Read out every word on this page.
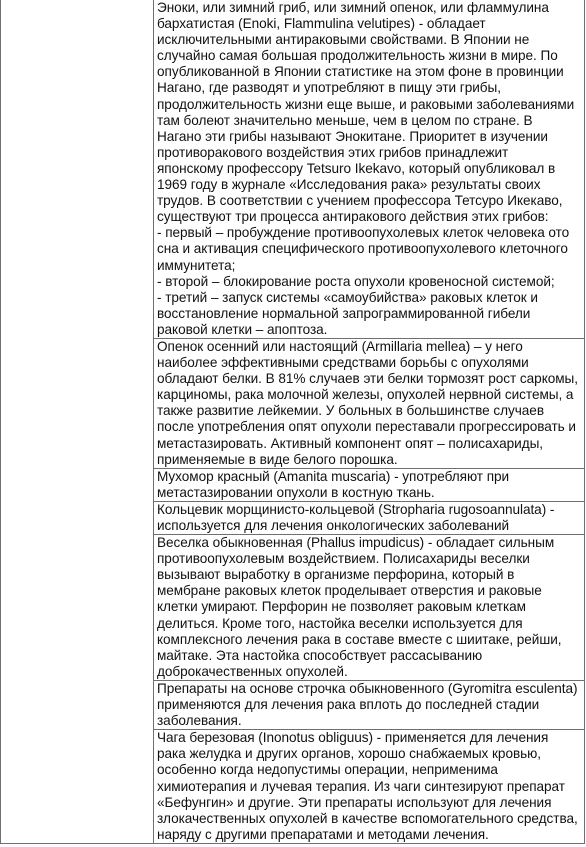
Эноки, или зимний гриб, или зимний опенок, или фламмулина бархатистая (Enoki, Flammulina velutipes) - обладает исключительными антираковыми свойствами. В Японии не случайно самая большая продолжительность жизни в мире. По опубликованной в Японии статистике на этом фоне в провинции Нагано, где разводят и употребляют в пищу эти грибы, продолжительность жизни еще выше, и раковыми заболеваниями там болеют значительно меньше, чем в целом по стране. В Нагано эти грибы называют Энокитане. Приоритет в изучении противоракового воздействия этих грибов принадлежит японскому профессору Tetsuro Ikekavo, который опубликовал в 1969 году в журнале «Исследования рака» результаты своих трудов. В соответствии с учением профессора Тетсуро Икекаво, существуют три процесса антиракового действия этих грибов:
- первый – пробуждение противоопухолевых клеток человека ото сна и активация специфического противоопухолевого клеточного иммунитета;
- второй – блокирование роста опухоли кровеносной системой;
- третий – запуск системы «самоубийства» раковых клеток и восстановление нормальной запрограммированной гибели раковой клетки – апоптоза.

Опенок осенний или настоящий (Armillaria mellea) – у него наиболее эффективными средствами борьбы с опухолями обладают белки. В 81% случаев эти белки тормозят рост саркомы, карциномы, рака молочной железы, опухолей нервной системы, а также развитие лейкемии. У больных в большинстве случаев после употребления опят опухоли переставали прогрессировать и метастазировать. Активный компонент опят – полисахариды, применяемые в виде белого порошка.

Мухомор красный (Amanita muscaria) - употребляют при метастазировании опухоли в костную ткань.

Кольцевик морщинисто-кольцевой (Stropharia rugosoannulata) - используется для лечения онкологических заболеваний

Веселка обыкновенная (Phallus impudicus) - обладает сильным противоопухолевым воздействием. Полисахариды веселки вызывают выработку в организме перфорина, который в мембране раковых клеток проделывает отверстия и раковые клетки умирают. Перфорин не позволяет раковым клеткам делиться. Кроме того, настойка веселки используется для комплексного лечения рака в составе вместе с шиитаке, рейши, майтаке. Эта настойка способствует рассасыванию доброкачественных опухолей.

Препараты на основе строчка обыкновенного (Gyromitra esculenta) применяются для лечения рака вплоть до последней стадии заболевания.

Чага березовая (Inonotus obliguus) - применяется для лечения рака желудка и других органов, хорошо снабжаемых кровью, особенно когда недопустимы операции, неприменима химиотерапия и лучевая терапия. Из чаги синтезируют препарат «Бефунгин» и другие. Эти препараты используют для лечения злокачественных опухолей в качестве вспомогательного средства, наряду с другими препаратами и методами лечения.
